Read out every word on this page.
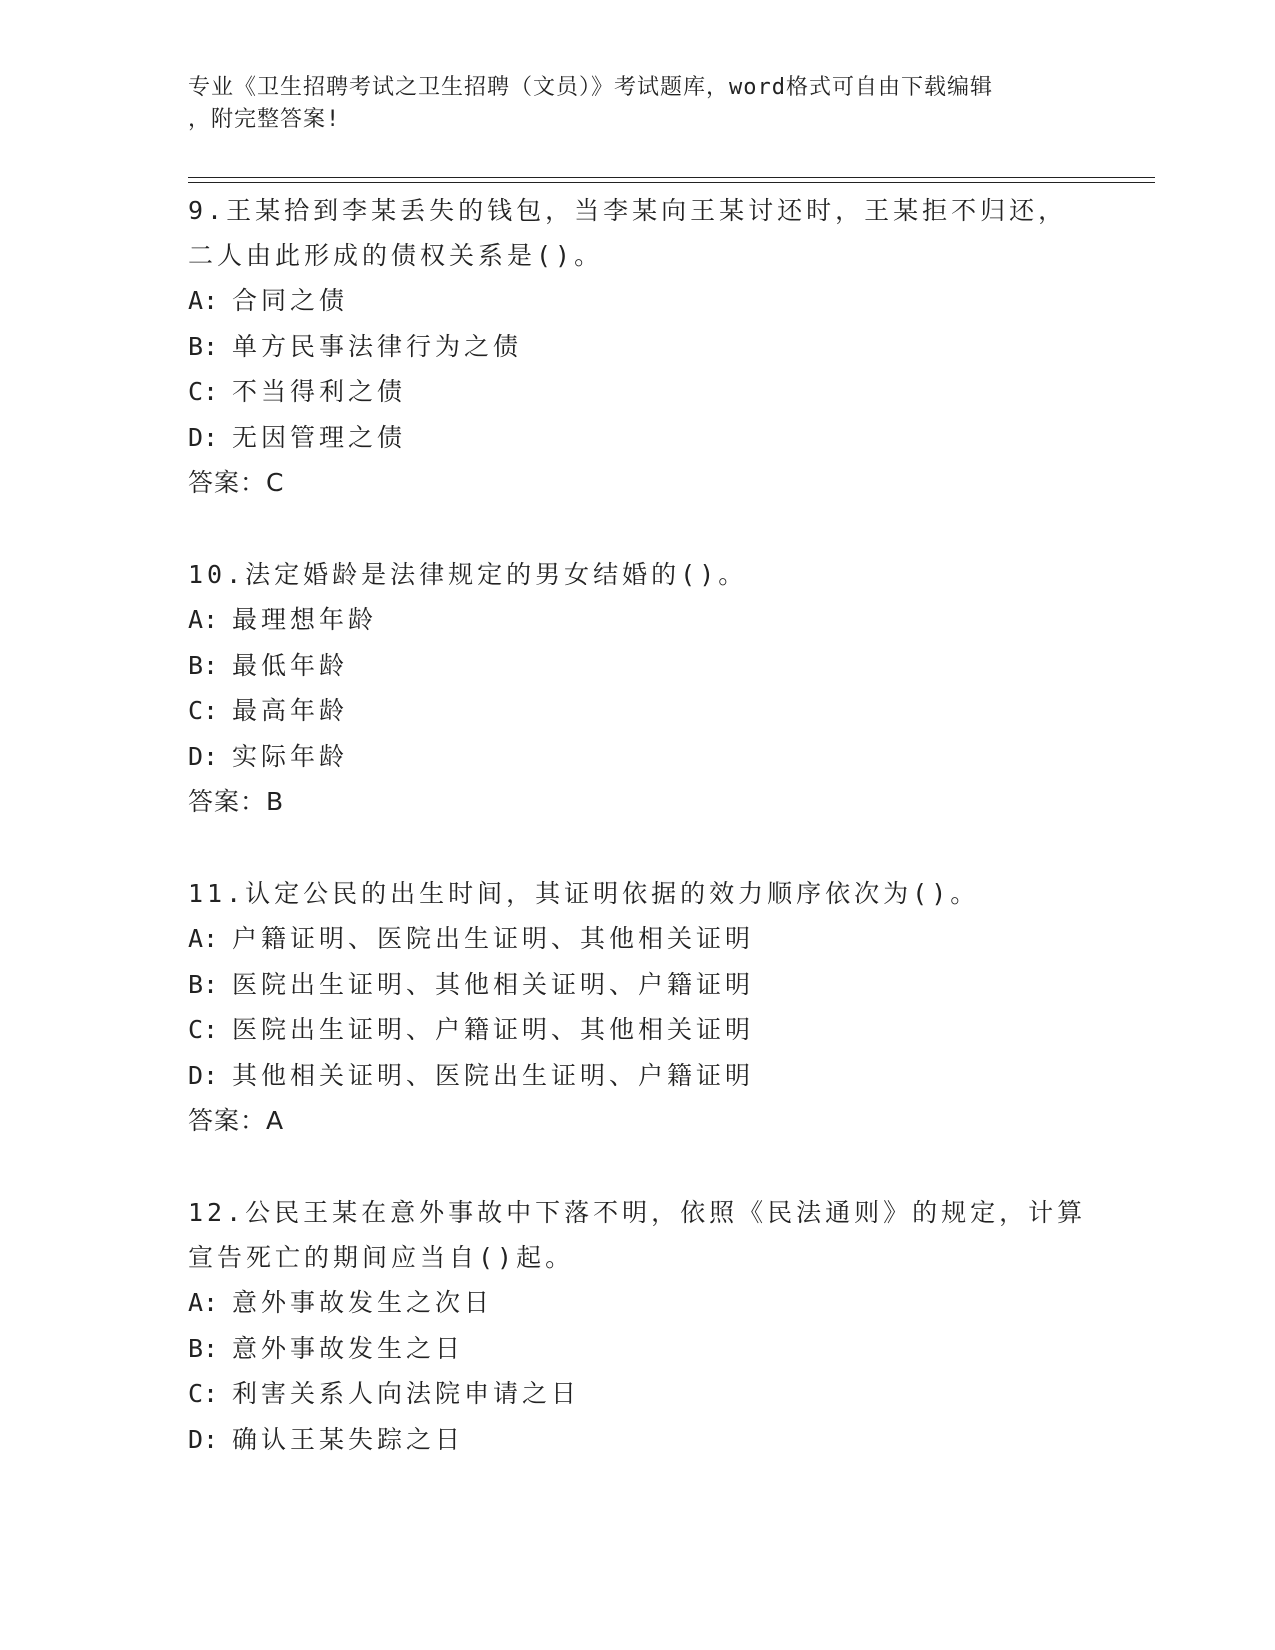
专业《卫生招聘考试之卫生招聘（文员）》考试题库，word格式可自由下载编辑
，附完整答案!
9.王某拾到李某丢失的钱包，当李某向王某讨还时，王某拒不归还，
二人由此形成的债权关系是()。
A: 合同之债
B: 单方民事法律行为之债
C: 不当得利之债
D: 无因管理之债
答案：C
10.法定婚龄是法律规定的男女结婚的()。
A: 最理想年龄
B: 最低年龄
C: 最高年龄
D: 实际年龄
答案：B
11.认定公民的出生时间，其证明依据的效力顺序依次为()。
A: 户籍证明、医院出生证明、其他相关证明
B: 医院出生证明、其他相关证明、户籍证明
C: 医院出生证明、户籍证明、其他相关证明
D: 其他相关证明、医院出生证明、户籍证明
答案：A
12.公民王某在意外事故中下落不明，依照《民法通则》的规定，计算
宣告死亡的期间应当自()起。
A: 意外事故发生之次日
B: 意外事故发生之日
C: 利害关系人向法院申请之日
D: 确认王某失踪之日
